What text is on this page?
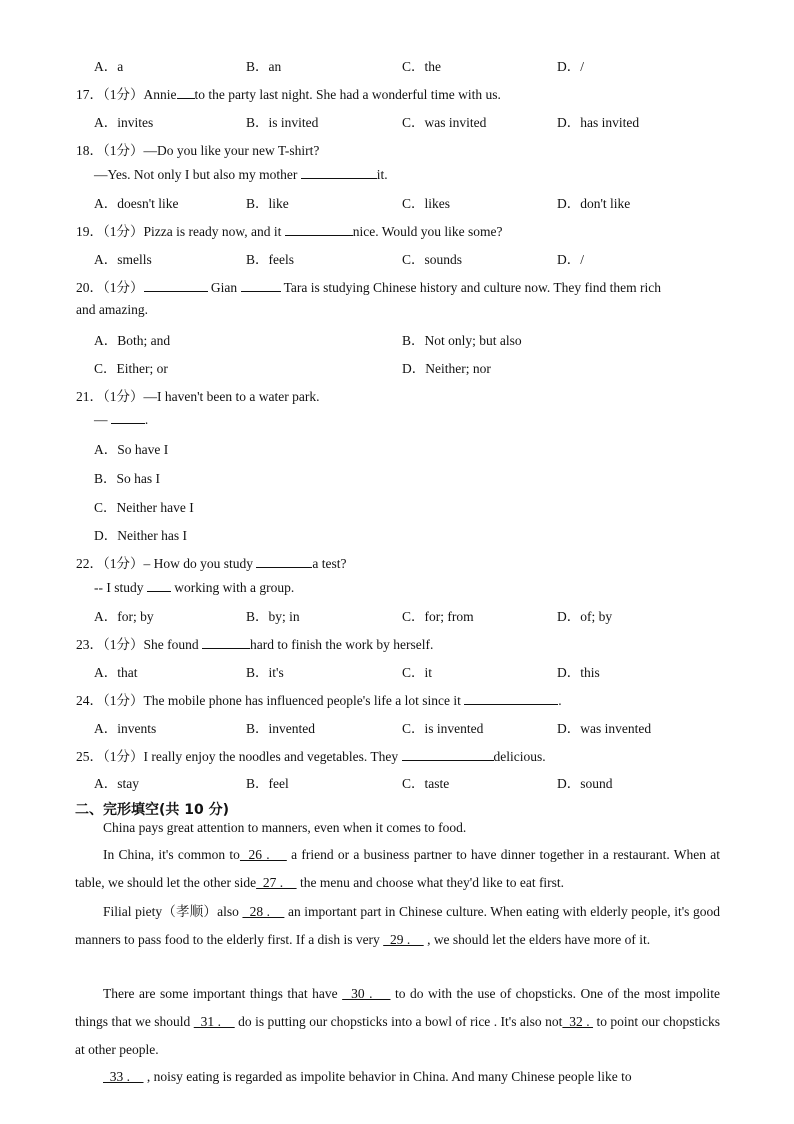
A．a	B．an	C．the	D．/
17．（1分）Annie to the party last night. She had a wonderful time with us.
A．invites	B．is invited	C．was invited	D．has invited
18．（1分）—Do you like your new T-shirt?
—Yes. Not only I but also my mother	it.
A．doesn't like	B．like	C．likes	D．don't like
19．（1分）Pizza is ready now, and it	nice. Would you like some?
A．smells	B．feels	C．sounds	D．/
20．（1分）	Gian	Tara is studying Chinese history and culture now. They find them rich
and amazing.
A．Both; and	B．Not only; but also
C．Either; or	D．Neither; nor
21．（1分）—I haven't been to a water park.
—	.
A．So have I
B．So has I
C．Neither have I
D．Neither has I
22．（1分）– How do you study	a test?
-- I study  working with a group.
A．for; by	B．by; in	C．for; from	D．of; by
23．（1分）She found	hard to finish the work by herself.
A．that	B．it's	C．it	D．this
24．（1分）The mobile phone has influenced people's life a lot since it	.
A．invents	B．invented	C．is invented	D．was invented
25．（1分）I really enjoy the noodles and vegetables. They	delicious.
A．stay	B．feel	C．taste	D．sound
二、完形填空(共 10 分)
China pays great attention to manners, even when it comes to food.
In China, it's common to  26 .     a friend or a business partner to have dinner together in a restaurant. When at table, we should let the other side  27 .     the menu and choose what they'd like to eat first.
Filial piety（孝顺）also   28 .     an important part in Chinese culture. When eating with elderly people, it's good manners to pass food to the elderly first. If a dish is very   29 .     , we should let the elders have more of it.
There are some important things that have   30 .     to do with the use of chopsticks. One of the most impolite things that we should   31 .     do is putting our chopsticks into a bowl of rice . It's also not  32 .  to point our chopsticks at other people.
33 .     , noisy eating is regarded as impolite behavior in China. And many Chinese people like to
